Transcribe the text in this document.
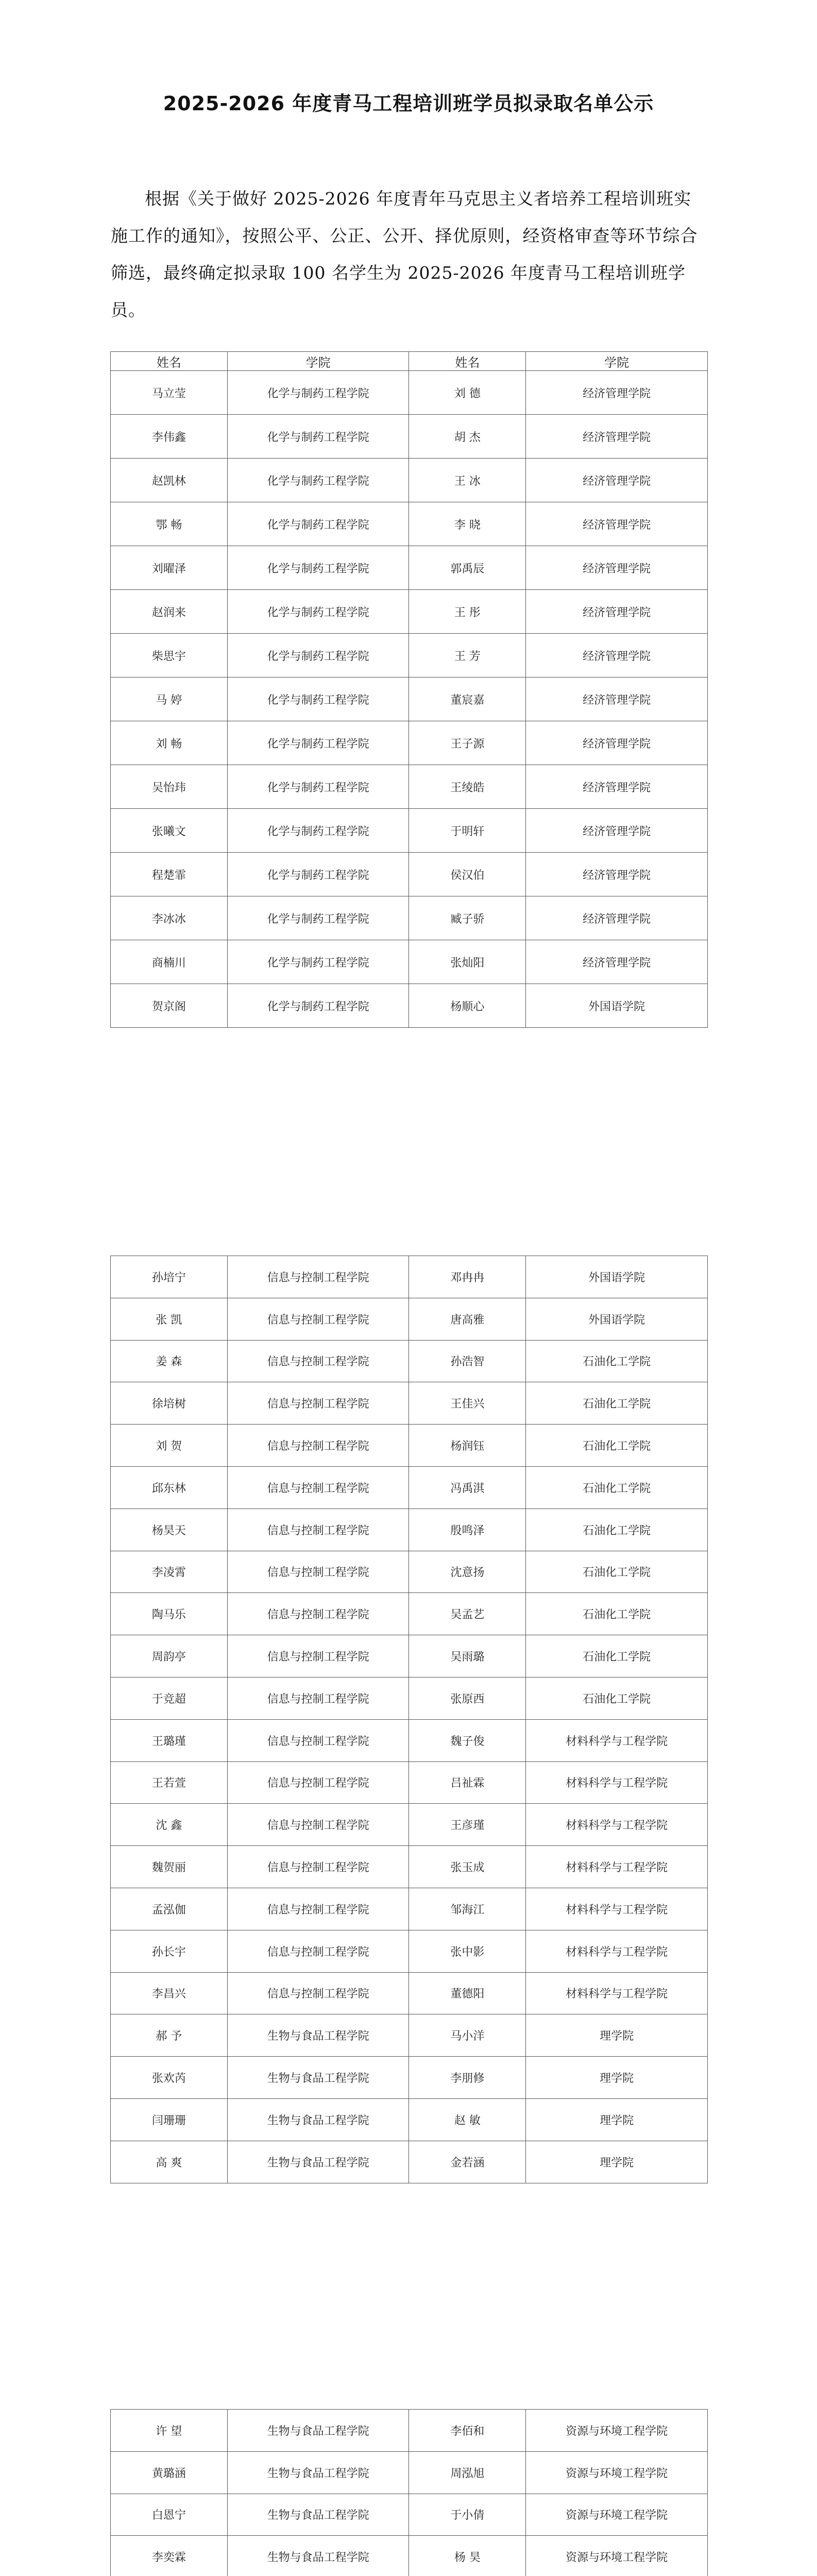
2025-2026 年度青马工程培训班学员拟录取名单公示
根据《关于做好 2025-2026 年度青年马克思主义者培养工程培训班实施工作的通知》，按照公平、公正、公开、择优原则，经资格审查等环节综合筛选，最终确定拟录取 100 名学生为 2025-2026 年度青马工程培训班学员。
姓名	学院	姓名	学院
马立莹	化学与制药工程学院	刘 德	经济管理学院
李伟鑫	化学与制药工程学院	胡 杰	经济管理学院
赵凯林	化学与制药工程学院	王 冰	经济管理学院
鄂 畅	化学与制药工程学院	李 晓	经济管理学院
刘曜泽	化学与制药工程学院	郭禹辰	经济管理学院
赵润来	化学与制药工程学院	王 彤	经济管理学院
柴思宇	化学与制药工程学院	王 芳	经济管理学院
马 婷	化学与制药工程学院	董宸嘉	经济管理学院
刘 畅	化学与制药工程学院	王子源	经济管理学院
吴怡玮	化学与制药工程学院	王绫皓	经济管理学院
张曦文	化学与制药工程学院	于明轩	经济管理学院
程楚霏	化学与制药工程学院	侯汉伯	经济管理学院
李冰冰	化学与制药工程学院	臧子骄	经济管理学院
商楠川	化学与制药工程学院	张灿阳	经济管理学院
贺京阁	化学与制药工程学院	杨顺心	外国语学院
孙培宁	信息与控制工程学院	邓冉冉	外国语学院
张 凯	信息与控制工程学院	唐高雅	外国语学院
姜 森	信息与控制工程学院	孙浩智	石油化工学院
徐培树	信息与控制工程学院	王佳兴	石油化工学院
刘 贺	信息与控制工程学院	杨润钰	石油化工学院
邱东林	信息与控制工程学院	冯禹淇	石油化工学院
杨昊天	信息与控制工程学院	殷鸣泽	石油化工学院
李凌霄	信息与控制工程学院	沈意扬	石油化工学院
陶马乐	信息与控制工程学院	吴孟艺	石油化工学院
周韵亭	信息与控制工程学院	吴雨璐	石油化工学院
于竞超	信息与控制工程学院	张原西	石油化工学院
王璐瑾	信息与控制工程学院	魏子俊	材料科学与工程学院
王若萱	信息与控制工程学院	吕祉霖	材料科学与工程学院
沈 鑫	信息与控制工程学院	王彦瑾	材料科学与工程学院
魏贺丽	信息与控制工程学院	张玉成	材料科学与工程学院
孟泓伽	信息与控制工程学院	邹海江	材料科学与工程学院
孙长宇	信息与控制工程学院	张中影	材料科学与工程学院
李昌兴	信息与控制工程学院	董德阳	材料科学与工程学院
郝 予	生物与食品工程学院	马小洋	理学院
张欢芮	生物与食品工程学院	李朋修	理学院
闫珊珊	生物与食品工程学院	赵 敏	理学院
高 爽	生物与食品工程学院	金若涵	理学院
许 望	生物与食品工程学院	李佰和	资源与环境工程学院
黄璐涵	生物与食品工程学院	周泓旭	资源与环境工程学院
白恩宁	生物与食品工程学院	于小倩	资源与环境工程学院
李奕霖	生物与食品工程学院	杨 昊	资源与环境工程学院
